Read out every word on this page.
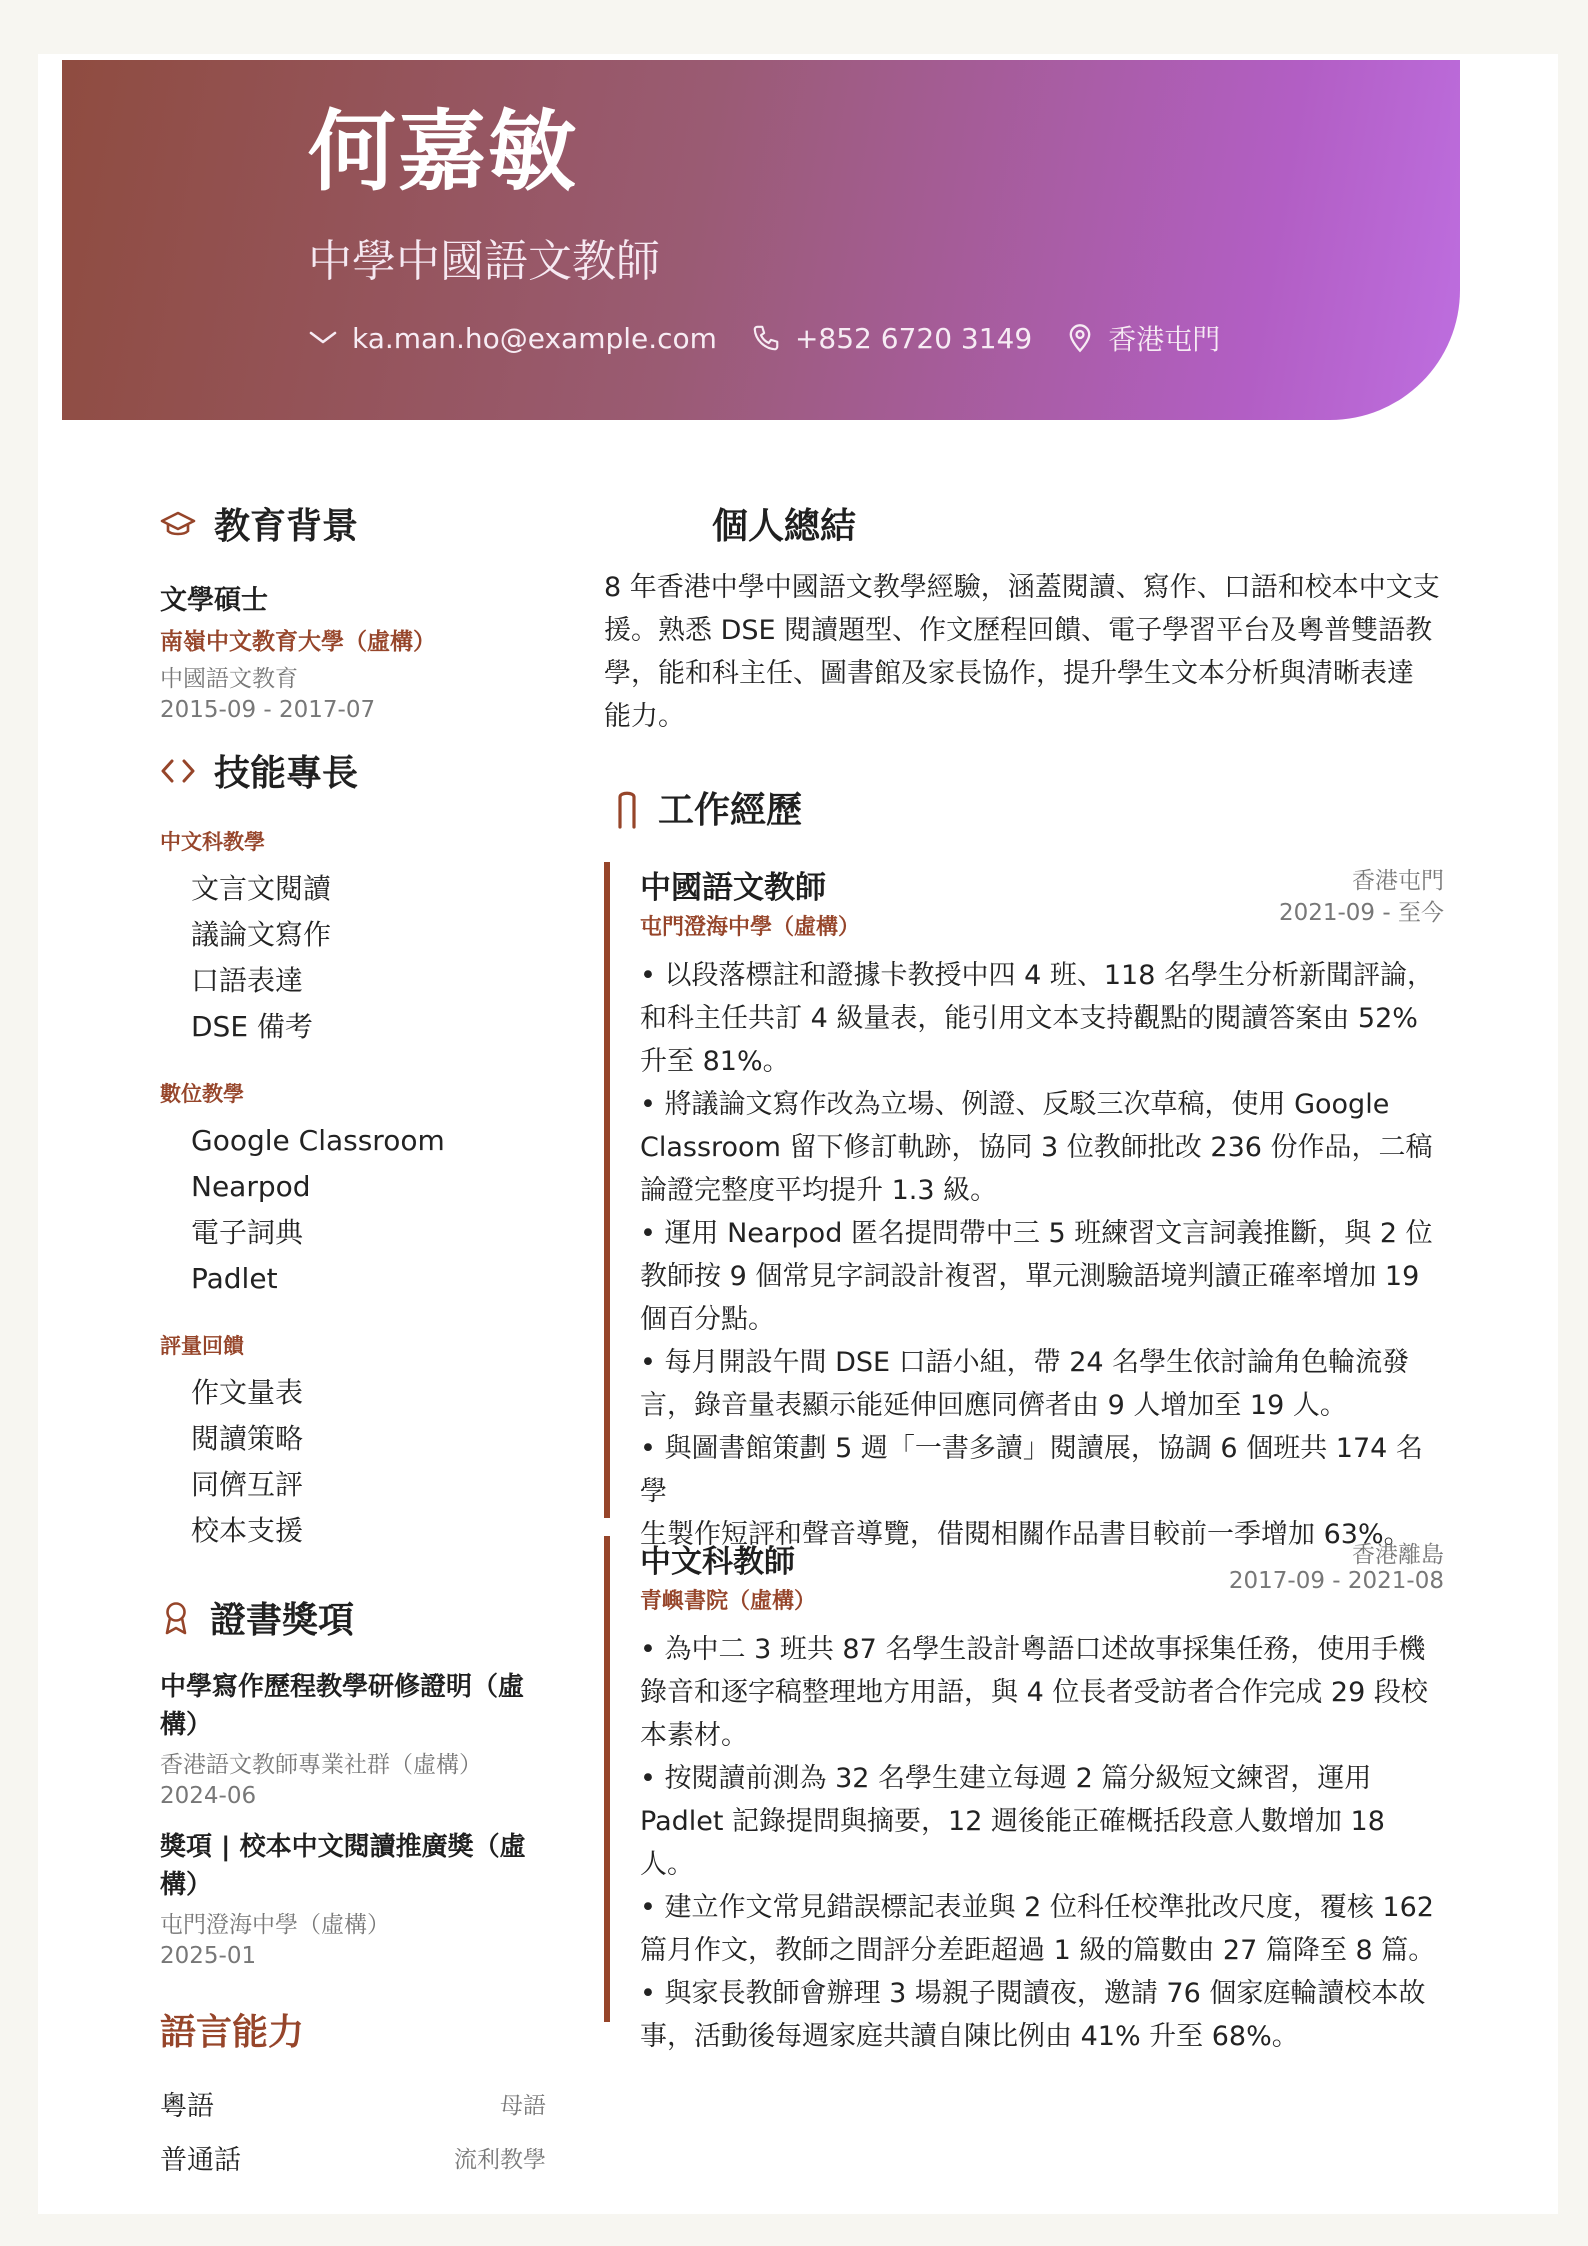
何嘉敏
中學中國語文教師
ka.man.ho@example.com	+852 6720 3149	香港屯門
教育背景
文學碩士
南嶺中文教育大學（虛構）
中國語文教育
2015-09 - 2017-07
技能專長
中文科教學
文言文閱讀
議論文寫作
口語表達
DSE 備考
數位教學
Google Classroom
Nearpod
電子詞典
Padlet
評量回饋
作文量表
閱讀策略
同儕互評
校本支援
證書獎項
中學寫作歷程教學研修證明（虛
構）
香港語文教師專業社群（虛構）
2024-06
獎項 | 校本中文閱讀推廣獎（虛
構）
屯門澄海中學（虛構）
2025-01
語言能力
粵語	母語
普通話	流利教學
個人總結
8 年香港中學中國語文教學經驗，涵蓋閱讀、寫作、口語和校本中文支
援。熟悉 DSE 閱讀題型、作文歷程回饋、電子學習平台及粵普雙語教
學，能和科主任、圖書館及家長協作，提升學生文本分析與清晰表達
能力。
工作經歷
中國語文教師
屯門澄海中學（虛構）
香港屯門
2021-09 - 至今
• 以段落標註和證據卡教授中四 4 班、118 名學生分析新聞評論，
和科主任共訂 4 級量表，能引用文本支持觀點的閱讀答案由 52%
升至 81%。
• 將議論文寫作改為立場、例證、反駁三次草稿，使用 Google
Classroom 留下修訂軌跡，協同 3 位教師批改 236 份作品，二稿
論證完整度平均提升 1.3 級。
• 運用 Nearpod 匿名提問帶中三 5 班練習文言詞義推斷，與 2 位
教師按 9 個常見字詞設計複習，單元測驗語境判讀正確率增加 19
個百分點。
• 每月開設午間 DSE 口語小組，帶 24 名學生依討論角色輪流發
言，錄音量表顯示能延伸回應同儕者由 9 人增加至 19 人。
• 與圖書館策劃 5 週「一書多讀」閱讀展，協調 6 個班共 174 名學
生製作短評和聲音導覽，借閱相關作品書目較前一季增加 63%。
中文科教師
青嶼書院（虛構）
香港離島
2017-09 - 2021-08
• 為中二 3 班共 87 名學生設計粵語口述故事採集任務，使用手機
錄音和逐字稿整理地方用語，與 4 位長者受訪者合作完成 29 段校
本素材。
• 按閱讀前測為 32 名學生建立每週 2 篇分級短文練習，運用
Padlet 記錄提問與摘要，12 週後能正確概括段意人數增加 18 人。
• 建立作文常見錯誤標記表並與 2 位科任校準批改尺度，覆核 162
篇月作文，教師之間評分差距超過 1 級的篇數由 27 篇降至 8 篇。
• 與家長教師會辦理 3 場親子閱讀夜，邀請 76 個家庭輪讀校本故
事，活動後每週家庭共讀自陳比例由 41% 升至 68%。
